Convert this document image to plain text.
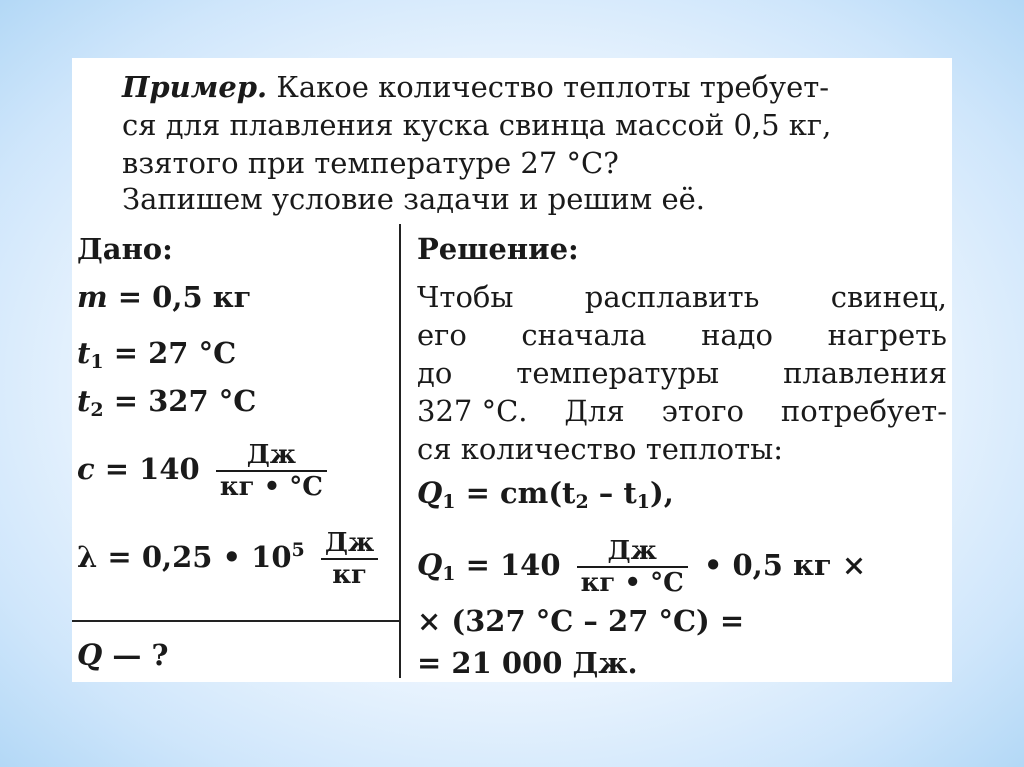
Пример. Какое количество теплоты требует-
ся для плавления куска свинца массой 0,5 кг,
взятого при температуре 27 °С?
Запишем условие задачи и решим её.
Дано:
m = 0,5 кг
$t_1 = 27$ °С
$t_2 = 327$ °С
$c = 140 \frac{Дж}{кг • ^\circ С}$
λ = 0,25 • $10^5 \frac{Дж}{кг}$
Q — ?
Решение:
Чтобы расплавить свинец,
его сначала надо нагреть
до температуры плавления
327 °С. Для этого потребует-
ся количество теплоты:
$Q_1 = cm(t_2 - t_1)$,
$Q_1 = 140 \frac{Дж}{кг • ^\circ С}$ • 0,5 кг ×
× (327 °С – 27 °С) =
= 21 000 Дж.
